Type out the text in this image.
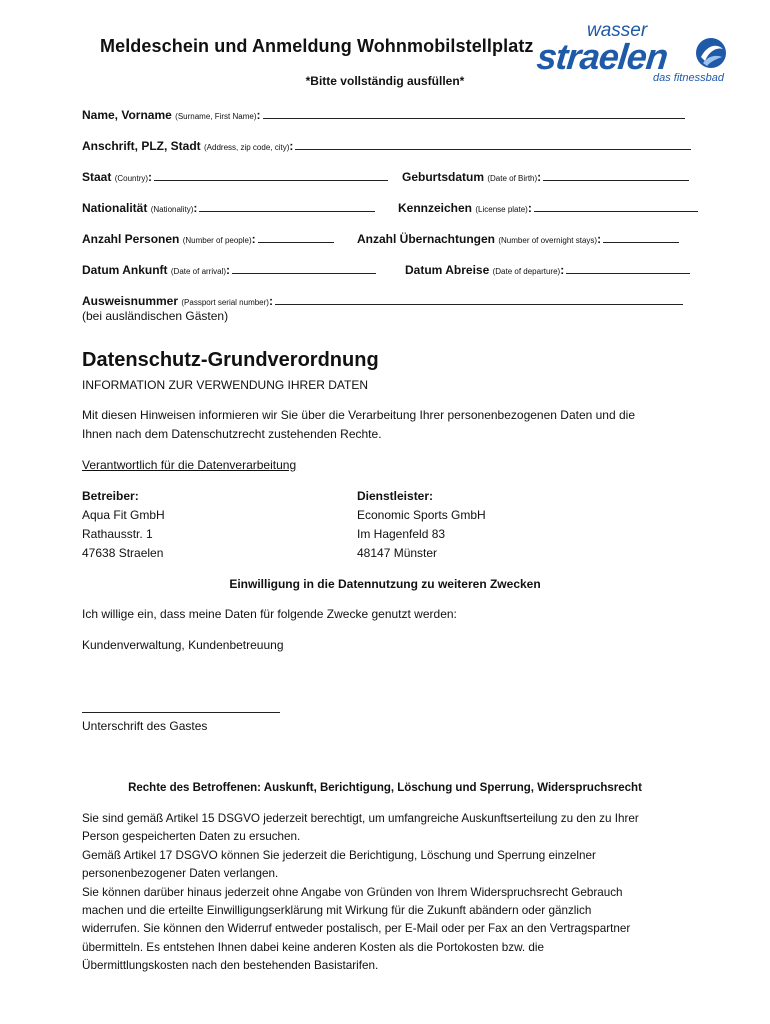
Meldeschein und Anmeldung Wohnmobilstellplatz
wasser
straelen
das fitnessbad
*Bitte vollständig ausfüllen*
Name, Vorname (Surname, First Name):
Anschrift, PLZ, Stadt (Address, zip code, city):
Staat (Country):	Geburtsdatum (Date of Birth):
Nationalität (Nationality):	Kennzeichen (License plate):
Anzahl Personen (Number of people):	Anzahl Übernachtungen (Number of overnight stays):
Datum Ankunft (Date of arrival):	Datum Abreise (Date of departure):
Ausweisnummer (Passport serial number):
(bei ausländischen Gästen)
Datenschutz-Grundverordnung
INFORMATION ZUR VERWENDUNG IHRER DATEN
Mit diesen Hinweisen informieren wir Sie über die Verarbeitung Ihrer personenbezogenen Daten und die
Ihnen nach dem Datenschutzrecht zustehenden Rechte.
Verantwortlich für die Datenverarbeitung
Betreiber:
Aqua Fit GmbH
Rathausstr. 1
47638 Straelen
Dienstleister:
Economic Sports GmbH
Im Hagenfeld 83
48147 Münster
Einwilligung in die Datennutzung zu weiteren Zwecken
Ich willige ein, dass meine Daten für folgende Zwecke genutzt werden:
Kundenverwaltung, Kundenbetreuung
Unterschrift des Gastes
Rechte des Betroffenen: Auskunft, Berichtigung, Löschung und Sperrung, Widerspruchsrecht
Sie sind gemäß Artikel 15 DSGVO jederzeit berechtigt, um umfangreiche Auskunftserteilung zu den zu Ihrer
Person gespeicherten Daten zu ersuchen.
Gemäß Artikel 17 DSGVO können Sie jederzeit die Berichtigung, Löschung und Sperrung einzelner
personenbezogener Daten verlangen.
Sie können darüber hinaus jederzeit ohne Angabe von Gründen von Ihrem Widerspruchsrecht Gebrauch
machen und die erteilte Einwilligungserklärung mit Wirkung für die Zukunft abändern oder gänzlich
widerrufen. Sie können den Widerruf entweder postalisch, per E-Mail oder per Fax an den Vertragspartner
übermitteln. Es entstehen Ihnen dabei keine anderen Kosten als die Portokosten bzw. die
Übermittlungskosten nach den bestehenden Basistarifen.
